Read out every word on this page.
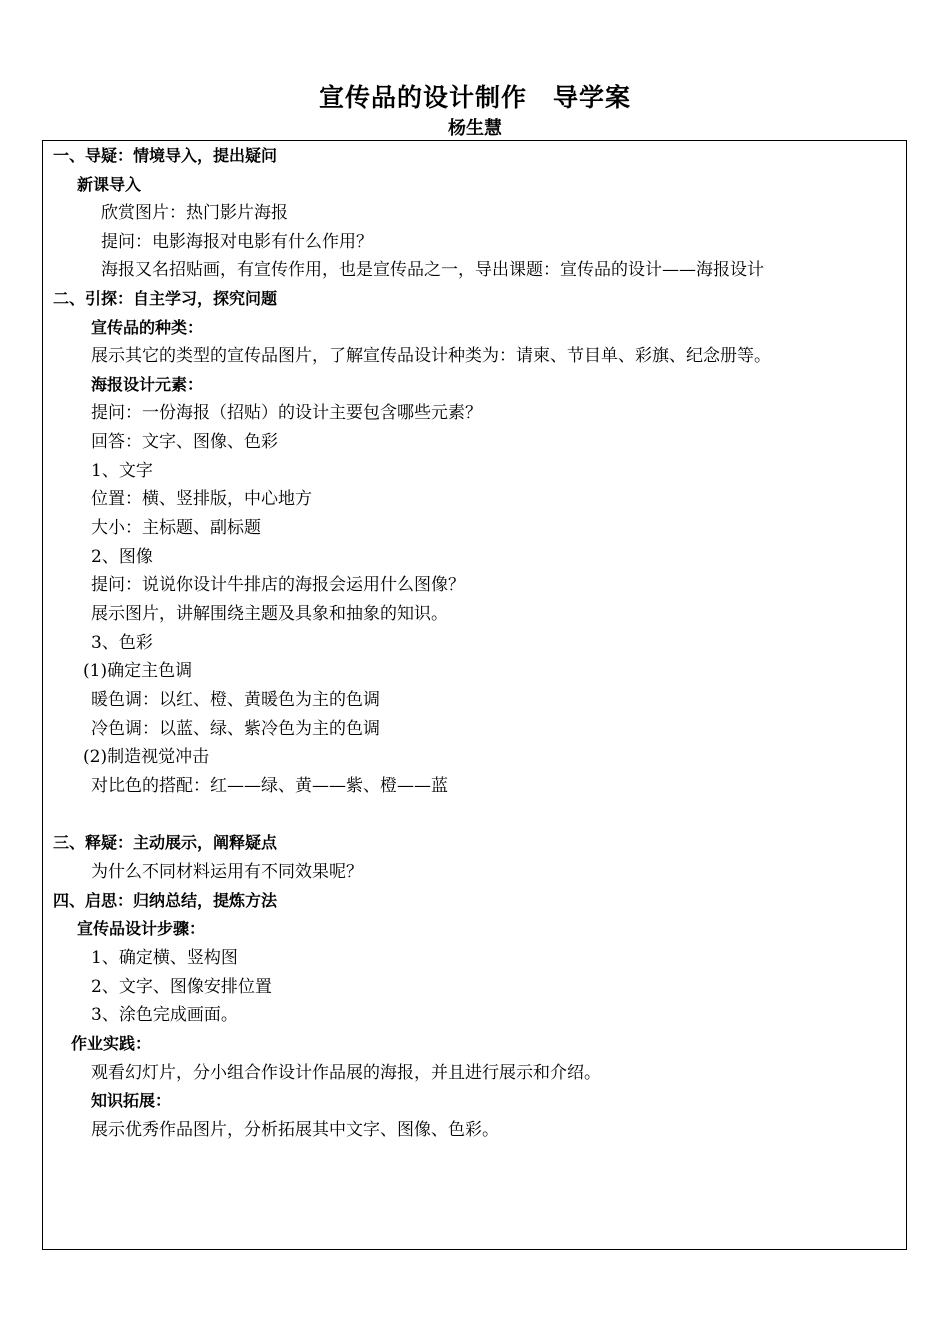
宣传品的设计制作　导学案
杨生慧
一、导疑：情境导入，提出疑问
新课导入
欣赏图片：热门影片海报
提问：电影海报对电影有什么作用？
海报又名招贴画，有宣传作用，也是宣传品之一，导出课题：宣传品的设计——海报设计
二、引探：自主学习，探究问题
宣传品的种类：
展示其它的类型的宣传品图片，了解宣传品设计种类为：请柬、节目单、彩旗、纪念册等。
海报设计元素：
提问：一份海报（招贴）的设计主要包含哪些元素？
回答：文字、图像、色彩
1、文字
位置：横、竖排版，中心地方
大小：主标题、副标题
2、图像
提问：说说你设计牛排店的海报会运用什么图像？
展示图片，讲解围绕主题及具象和抽象的知识。
3、色彩
(1)确定主色调
暖色调：以红、橙、黄暖色为主的色调
冷色调：以蓝、绿、紫冷色为主的色调
(2)制造视觉冲击
对比色的搭配：红——绿、黄——紫、橙——蓝
三、释疑：主动展示，阐释疑点
为什么不同材料运用有不同效果呢？
四、启思：归纳总结，提炼方法
宣传品设计步骤：
1、确定横、竖构图
2、文字、图像安排位置
3、涂色完成画面。
作业实践：
观看幻灯片，分小组合作设计作品展的海报，并且进行展示和介绍。
知识拓展：
展示优秀作品图片，分析拓展其中文字、图像、色彩。
